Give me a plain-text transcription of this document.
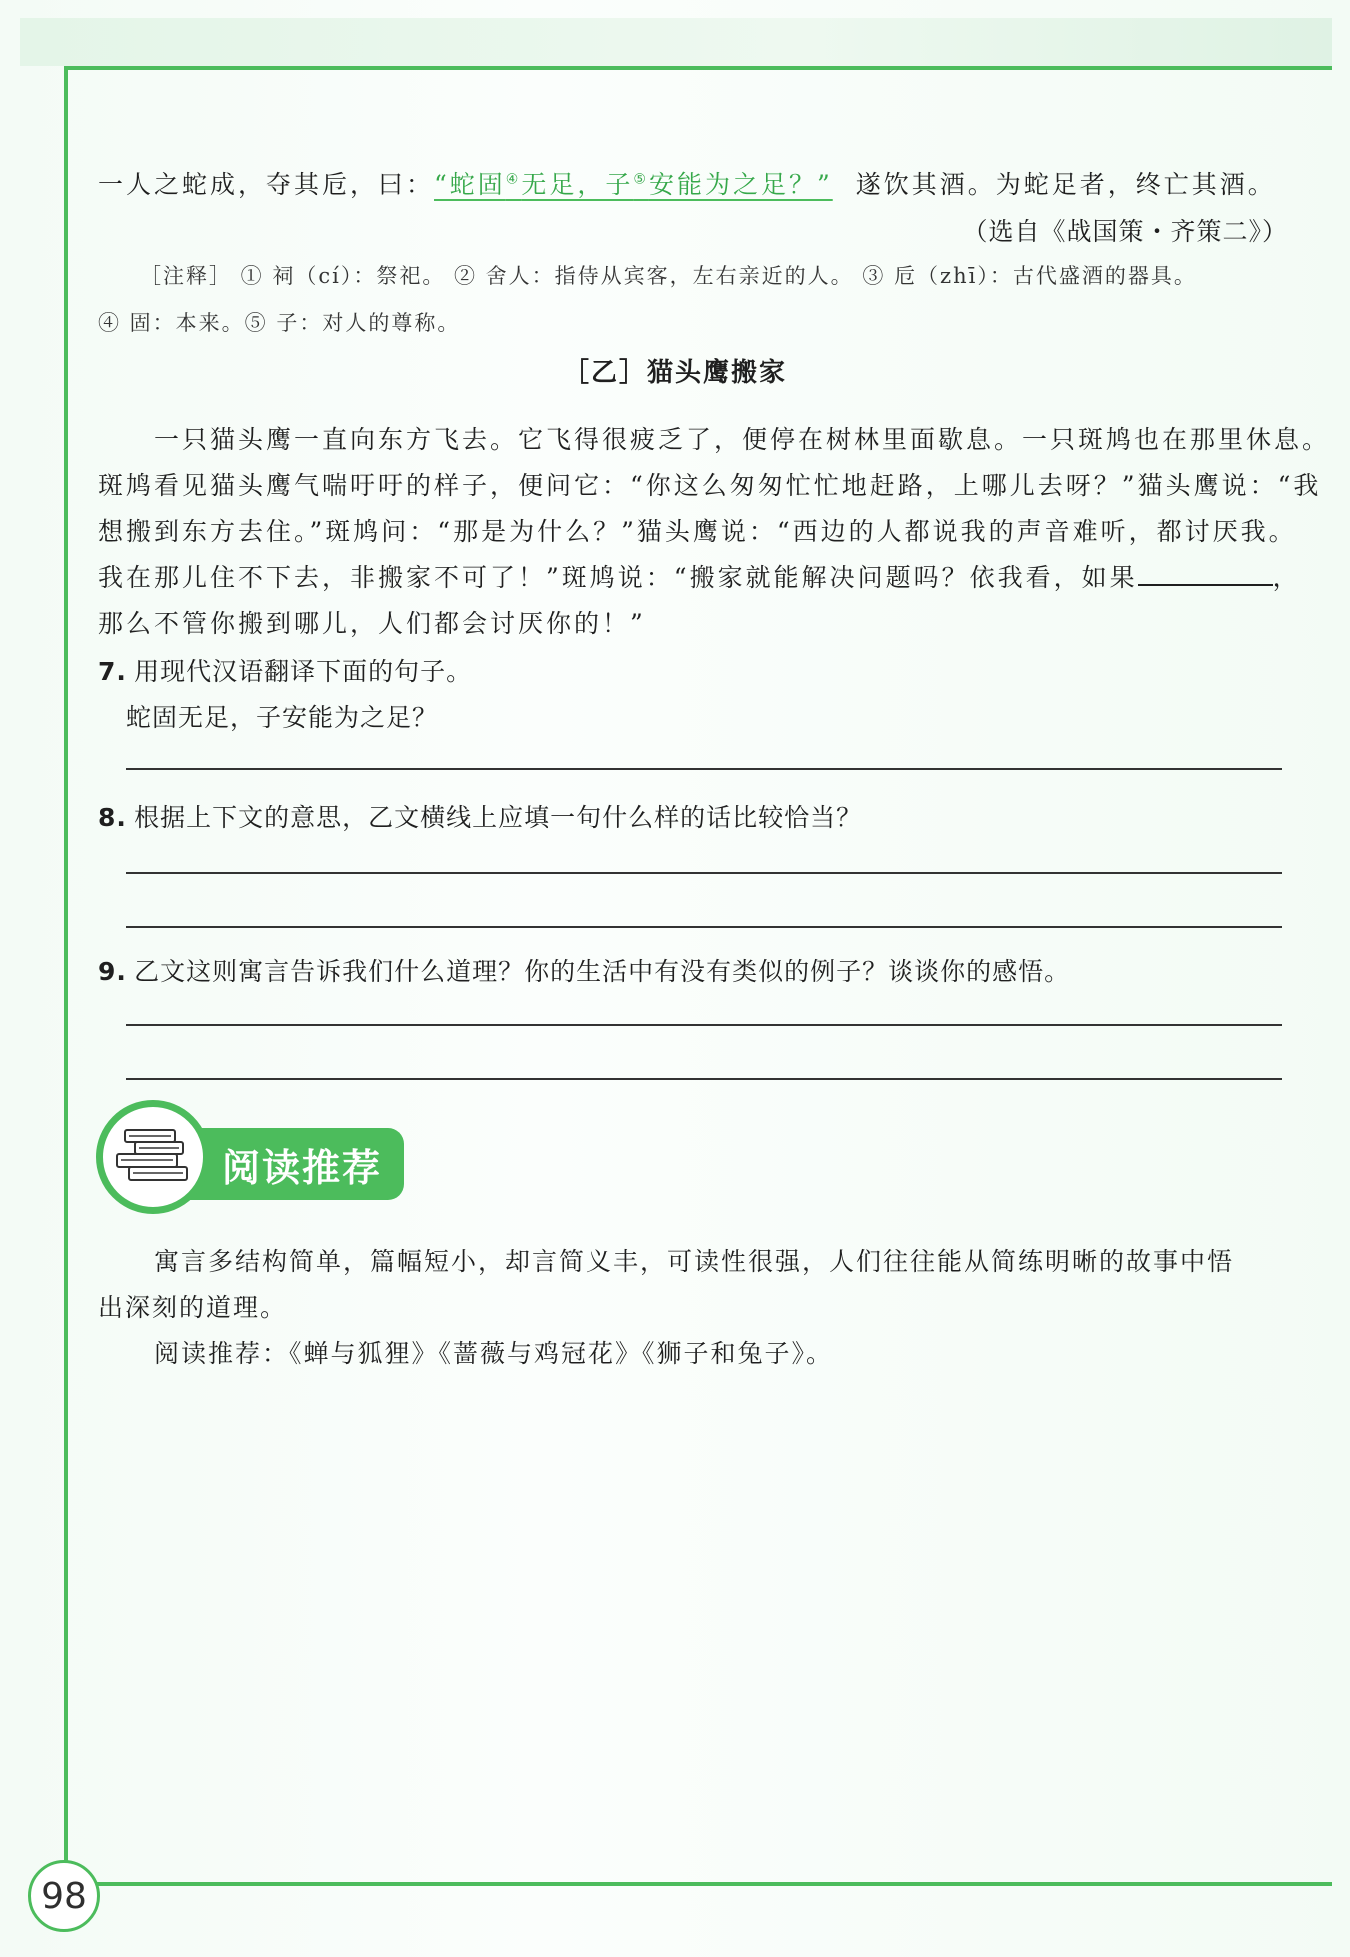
一人之蛇成，夺其卮，曰：“蛇固④无足，子⑤安能为之足？” 遂饮其酒。为蛇足者，终亡其酒。
（选自《战国策・齐策二》）
［注释］ ① 祠（cí）：祭祀。 ② 舍人：指侍从宾客，左右亲近的人。 ③ 卮（zhī）：古代盛酒的器具。
④ 固：本来。⑤ 子：对人的尊称。
［乙］猫头鹰搬家
一只猫头鹰一直向东方飞去。它飞得很疲乏了，便停在树林里面歇息。一只斑鸠也在那里休息。
斑鸠看见猫头鹰气喘吁吁的样子，便问它：“你这么匆匆忙忙地赶路，上哪儿去呀？”猫头鹰说：“我
想搬到东方去住。”斑鸠问：“那是为什么？”猫头鹰说：“西边的人都说我的声音难听，都讨厌我。
我在那儿住不下去，非搬家不可了！”斑鸠说：“搬家就能解决问题吗？依我看，如果	，
那么不管你搬到哪儿，人们都会讨厌你的！”
7. 用现代汉语翻译下面的句子。
蛇固无足，子安能为之足？
8. 根据上下文的意思，乙文横线上应填一句什么样的话比较恰当？
9. 乙文这则寓言告诉我们什么道理？你的生活中有没有类似的例子？谈谈你的感悟。
阅读推荐
寓言多结构简单，篇幅短小，却言简义丰，可读性很强，人们往往能从简练明晰的故事中悟
出深刻的道理。
阅读推荐：《蝉与狐狸》《蔷薇与鸡冠花》《狮子和兔子》。
98
